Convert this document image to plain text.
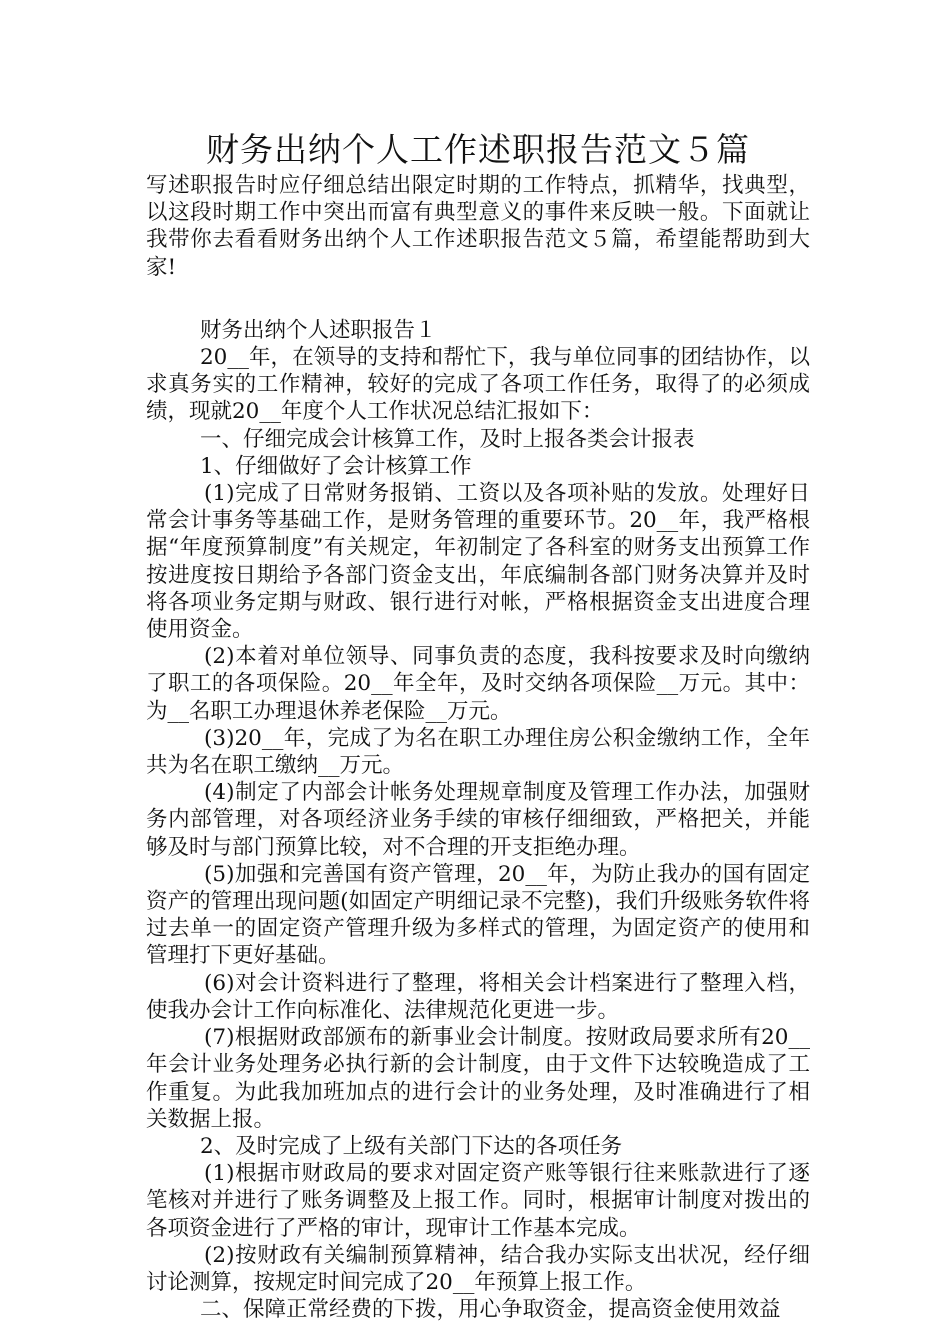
财务出纳个人工作述职报告范文５篇

写述职报告时应仔细总结出限定时期的工作特点，抓精华，找典型，以这段时期工作中突出而富有典型意义的事件来反映一般。下面就让我带你去看看财务出纳个人工作述职报告范文５篇，希望能帮助到大家!

财务出纳个人述职报告１

20__年，在领导的支持和帮忙下，我与单位同事的团结协作，以求真务实的工作精神，较好的完成了各项工作任务，取得了的必须成绩，现就20__年度个人工作状况总结汇报如下：

一、仔细完成会计核算工作，及时上报各类会计报表

1、仔细做好了会计核算工作

(1)完成了日常财务报销、工资以及各项补贴的发放。处理好日常会计事务等基础工作，是财务管理的重要环节。20__年，我严格根据“年度预算制度”有关规定，年初制定了各科室的财务支出预算工作按进度按日期给予各部门资金支出，年底编制各部门财务决算并及时将各项业务定期与财政、银行进行对帐，严格根据资金支出进度合理使用资金。

(2)本着对单位领导、同事负责的态度，我科按要求及时向缴纳了职工的各项保险。20__年全年，及时交纳各项保险__万元。其中：为__名职工办理退休养老保险__万元。

(3)20__年，完成了为名在职工办理住房公积金缴纳工作，全年共为名在职工缴纳__万元。

(4)制定了内部会计帐务处理规章制度及管理工作办法，加强财务内部管理，对各项经济业务手续的审核仔细细致，严格把关，并能够及时与部门预算比较，对不合理的开支拒绝办理。

(5)加强和完善国有资产管理，20__年，为防止我办的国有固定资产的管理出现问题(如固定产明细记录不完整)，我们升级账务软件将过去单一的固定资产管理升级为多样式的管理，为固定资产的使用和管理打下更好基础。

(6)对会计资料进行了整理，将相关会计档案进行了整理入档，使我办会计工作向标准化、法律规范化更进一步。

(7)根据财政部颁布的新事业会计制度。按财政局要求所有20__年会计业务处理务必执行新的会计制度，由于文件下达较晚造成了工作重复。为此我加班加点的进行会计的业务处理，及时准确进行了相关数据上报。

2、及时完成了上级有关部门下达的各项任务

(1)根据市财政局的要求对固定资产账等银行往来账款进行了逐笔核对并进行了账务调整及上报工作。同时，根据审计制度对拨出的各项资金进行了严格的审计，现审计工作基本完成。

(2)按财政有关编制预算精神，结合我办实际支出状况，经仔细讨论测算，按规定时间完成了20__年预算上报工作。

二、保障正常经费的下拨，用心争取资金，提高资金使用效益
